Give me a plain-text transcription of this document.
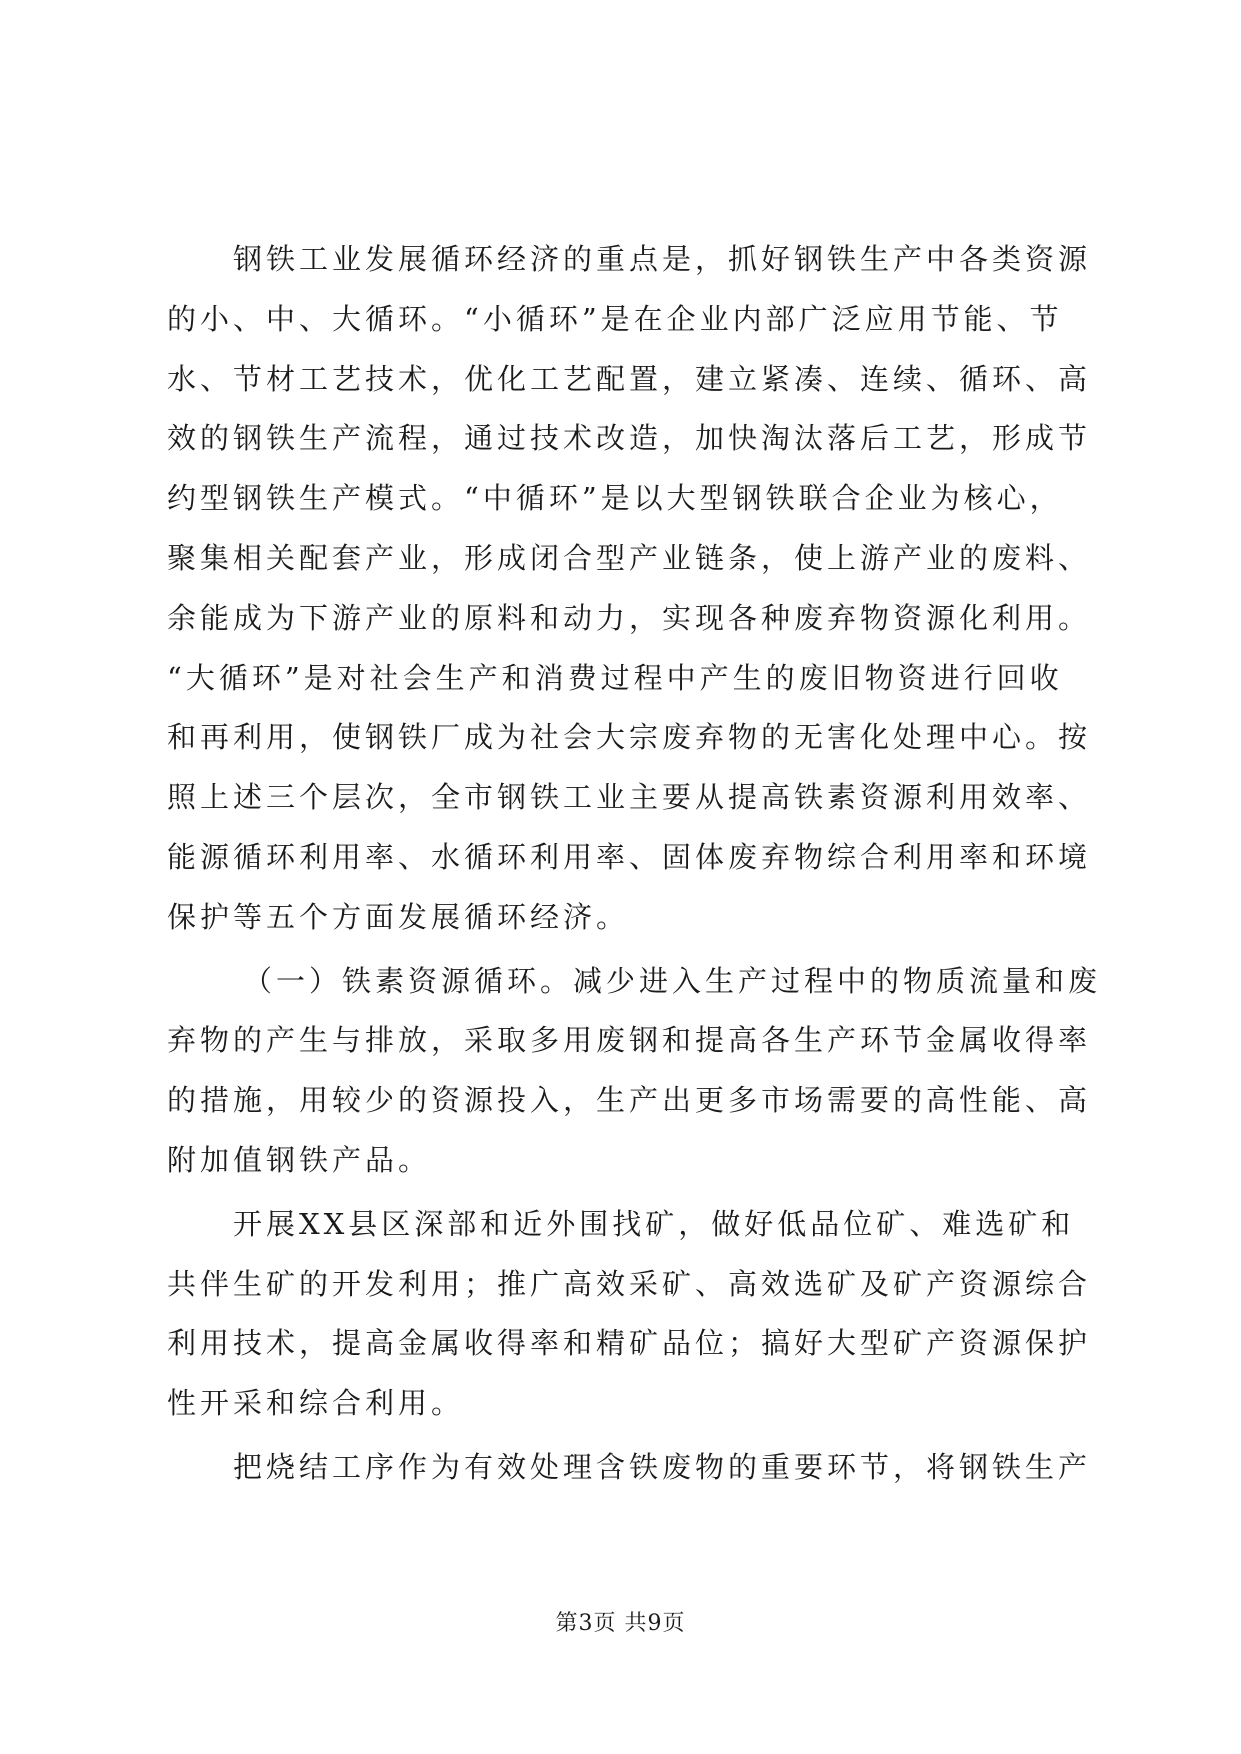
钢铁工业发展循环经济的重点是，抓好钢铁生产中各类资源
的小、中、大循环。“小循环”是在企业内部广泛应用节能、节
水、节材工艺技术，优化工艺配置，建立紧凑、连续、循环、高
效的钢铁生产流程，通过技术改造，加快淘汰落后工艺，形成节
约型钢铁生产模式。“中循环”是以大型钢铁联合企业为核心，
聚集相关配套产业，形成闭合型产业链条，使上游产业的废料、
余能成为下游产业的原料和动力，实现各种废弃物资源化利用。
“大循环”是对社会生产和消费过程中产生的废旧物资进行回收
和再利用，使钢铁厂成为社会大宗废弃物的无害化处理中心。按
照上述三个层次，全市钢铁工业主要从提高铁素资源利用效率、
能源循环利用率、水循环利用率、固体废弃物综合利用率和环境
保护等五个方面发展循环经济。
（一）铁素资源循环。减少进入生产过程中的物质流量和废
弃物的产生与排放，采取多用废钢和提高各生产环节金属收得率
的措施，用较少的资源投入，生产出更多市场需要的高性能、高
附加值钢铁产品。
开展XX县区深部和近外围找矿，做好低品位矿、难选矿和
共伴生矿的开发利用；推广高效采矿、高效选矿及矿产资源综合
利用技术，提高金属收得率和精矿品位；搞好大型矿产资源保护
性开采和综合利用。
把烧结工序作为有效处理含铁废物的重要环节，将钢铁生产
第3页 共9页
